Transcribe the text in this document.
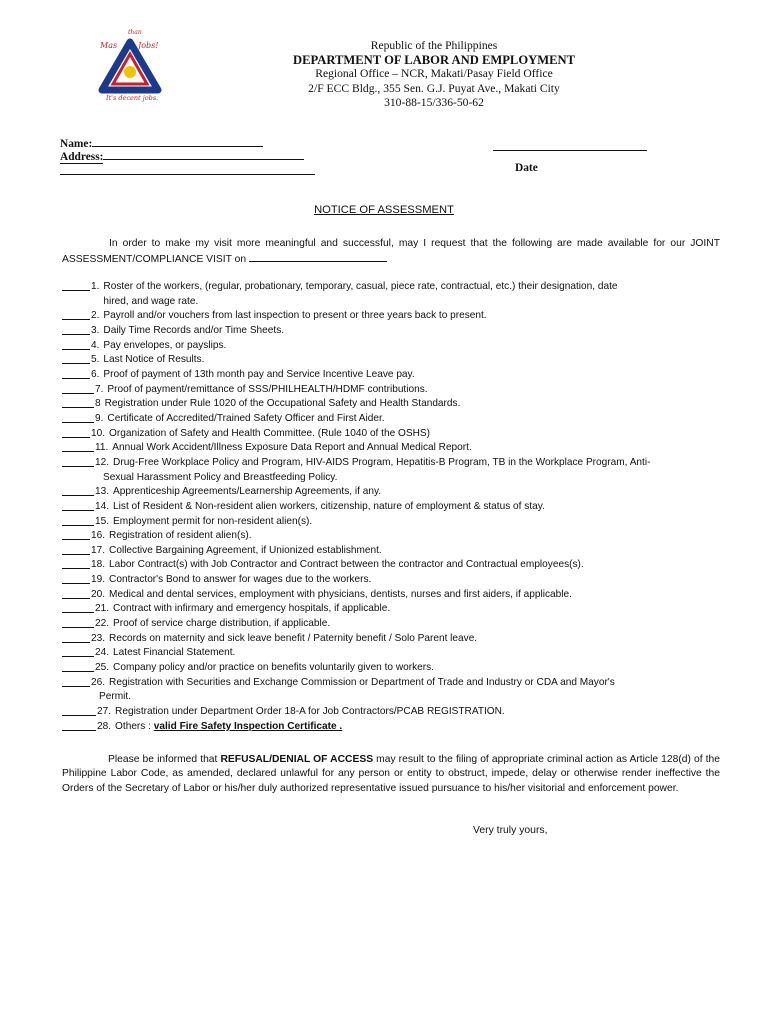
than
Mas	Jobs!
It's decent jobs.
Republic of the Philippines
DEPARTMENT OF LABOR AND EMPLOYMENT
Regional Office – NCR, Makati/Pasay Field Office
2/F ECC Bldg., 355 Sen. G.J. Puyat Ave., Makati City
310-88-15/336-50-62
Name:
Address:
Date
NOTICE OF ASSESSMENT
In order to make my visit more meaningful and successful, may I request that the following are made available for our JOINT ASSESSMENT/COMPLIANCE VISIT on
1. Roster of the workers, (regular, probationary, temporary, casual, piece rate, contractual, etc.) their designation, date
hired, and wage rate.
2. Payroll and/or vouchers from last inspection to present or three years back to present.
3. Daily Time Records and/or Time Sheets.
4. Pay envelopes, or payslips.
5. Last Notice of Results.
6. Proof of payment of 13th month pay and Service Incentive Leave pay.
7. Proof of payment/remittance of SSS/PHILHEALTH/HDMF contributions.
8 Registration under Rule 1020 of the Occupational Safety and Health Standards.
9. Certificate of Accredited/Trained Safety Officer and First Aider.
10. Organization of Safety and Health Committee. (Rule 1040 of the OSHS)
11. Annual Work Accident/Illness Exposure Data Report and Annual Medical Report.
12. Drug-Free Workplace Policy and Program, HIV-AIDS Program, Hepatitis-B Program, TB in the Workplace Program, Anti-
Sexual Harassment Policy and Breastfeeding Policy.
13. Apprenticeship Agreements/Learnership Agreements, if any.
14. List of Resident & Non-resident alien workers, citizenship, nature of employment & status of stay.
15. Employment permit for non-resident alien(s).
16. Registration of resident alien(s).
17. Collective Bargaining Agreement, if Unionized establishment.
18. Labor Contract(s) with Job Contractor and Contract between the contractor and Contractual employees(s).
19. Contractor's Bond to answer for wages due to the workers.
20. Medical and dental services, employment with physicians, dentists, nurses and first aiders, if applicable.
21. Contract with infirmary and emergency hospitals, if applicable.
22. Proof of service charge distribution, if applicable.
23. Records on maternity and sick leave benefit / Paternity benefit / Solo Parent leave.
24. Latest Financial Statement.
25. Company policy and/or practice on benefits voluntarily given to workers.
26. Registration with Securities and Exchange Commission or Department of Trade and Industry or CDA and Mayor's
Permit.
27. Registration under Department Order 18-A for Job Contractors/PCAB REGISTRATION.
28. Others : valid Fire Safety Inspection Certificate .
Please be informed that REFUSAL/DENIAL OF ACCESS may result to the filing of appropriate criminal action as Article 128(d) of the Philippine Labor Code, as amended, declared unlawful for any person or entity to obstruct, impede, delay or otherwise render ineffective the Orders of the Secretary of Labor or his/her duly authorized representative issued pursuance to his/her visitorial and enforcement power.
Very truly yours,
